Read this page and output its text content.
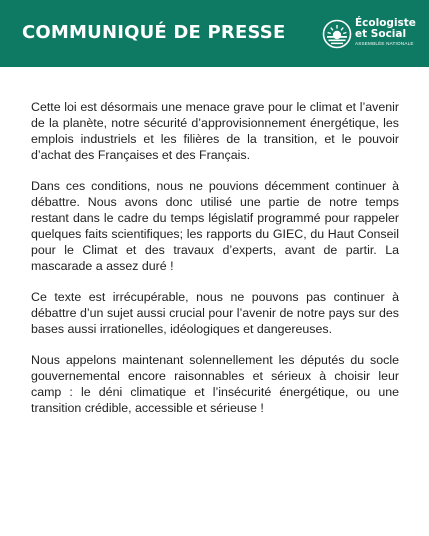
COMMUNIQUÉ DE PRESSE	Écologiste
et Social
ASSEMBLÉE NATIONALE

Cette loi est désormais une menace grave pour le climat et l’avenir de la planète, notre sécurité d’approvisionnement énergétique, les emplois industriels et les filières de la transition, et le pouvoir d’achat des Françaises et des Français.

Dans ces conditions, nous ne pouvions décemment continuer à débattre. Nous avons donc utilisé une partie de notre temps restant dans le cadre du temps législatif programmé pour rappeler quelques faits scientifiques; les rapports du GIEC, du Haut Conseil pour le Climat et des travaux d’experts, avant de partir. La mascarade a assez duré !

Ce texte est irrécupérable, nous ne pouvons pas continuer à débattre d’un sujet aussi crucial pour l’avenir de notre pays sur des bases aussi irrationelles, idéologiques et dangereuses.

Nous appelons maintenant solennellement les députés du socle gouvernemental encore raisonnables et sérieux à choisir leur camp : le déni climatique et l’insécurité énergétique, ou une transition crédible, accessible et sérieuse !
